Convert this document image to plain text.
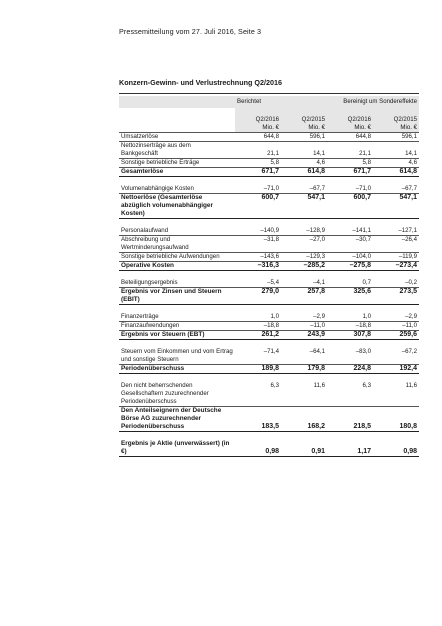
Pressemitteilung vom 27. Juli 2016, Seite 3
Konzern-Gewinn- und Verlustrechnung Q2/2016
	Berichtet		Bereinigt um Sondereffekte	

	Q2/2016	Q2/2015	Q2/2016	Q2/2015
	Mio. €	Mio. €	Mio. €	Mio. €
Umsatzerlöse	644,8	596,1	644,8	596,1
Nettozinserträge aus dem				
Bankgeschäft	21,1	14,1	21,1	14,1
Sonstige betriebliche Erträge	5,8	4,6	5,8	4,6
Gesamterlöse	671,7	614,8	671,7	614,8

Volumenabhängige Kosten	–71,0	–67,7	–71,0	–67,7
Nettoerlöse (Gesamterlöse abzüglich volumenabhängiger Kosten)	600,7	547,1	600,7	547,1

Personalaufwand	–140,9	–128,9	–141,1	–127,1
Abschreibung und Wertminderungsaufwand	–31,8	–27,0	–30,7	–26,4
Sonstige betriebliche Aufwendungen	–143,6	–129,3	–104,0	–119,9
Operative Kosten	–316,3	–285,2	–275,8	–273,4

Beteiligungsergebnis	–5,4	–4,1	0,7	–0,2
Ergebnis vor Zinsen und Steuern (EBIT)	279,0	257,8	325,6	273,5

Finanzerträge	1,0	–2,9	1,0	–2,9
Finanzaufwendungen	–18,8	–11,0	–18,8	–11,0
Ergebnis vor Steuern (EBT)	261,2	243,9	307,8	259,6

Steuern vom Einkommen und vom Ertrag und sonstige Steuern	–71,4	–64,1	–83,0	–67,2
Periodenüberschuss	189,8	179,8	224,8	192,4

Den nicht beherrschenden Gesellschaftern zuzurechnender Periodenüberschuss	6,3	11,6	6,3	11,6
Den Anteilseignern der Deutsche Börse AG zuzurechnender Periodenüberschuss	183,5	168,2	218,5	180,8

Ergebnis je Aktie (unverwässert) (in €)	0,98	0,91	1,17	0,98
